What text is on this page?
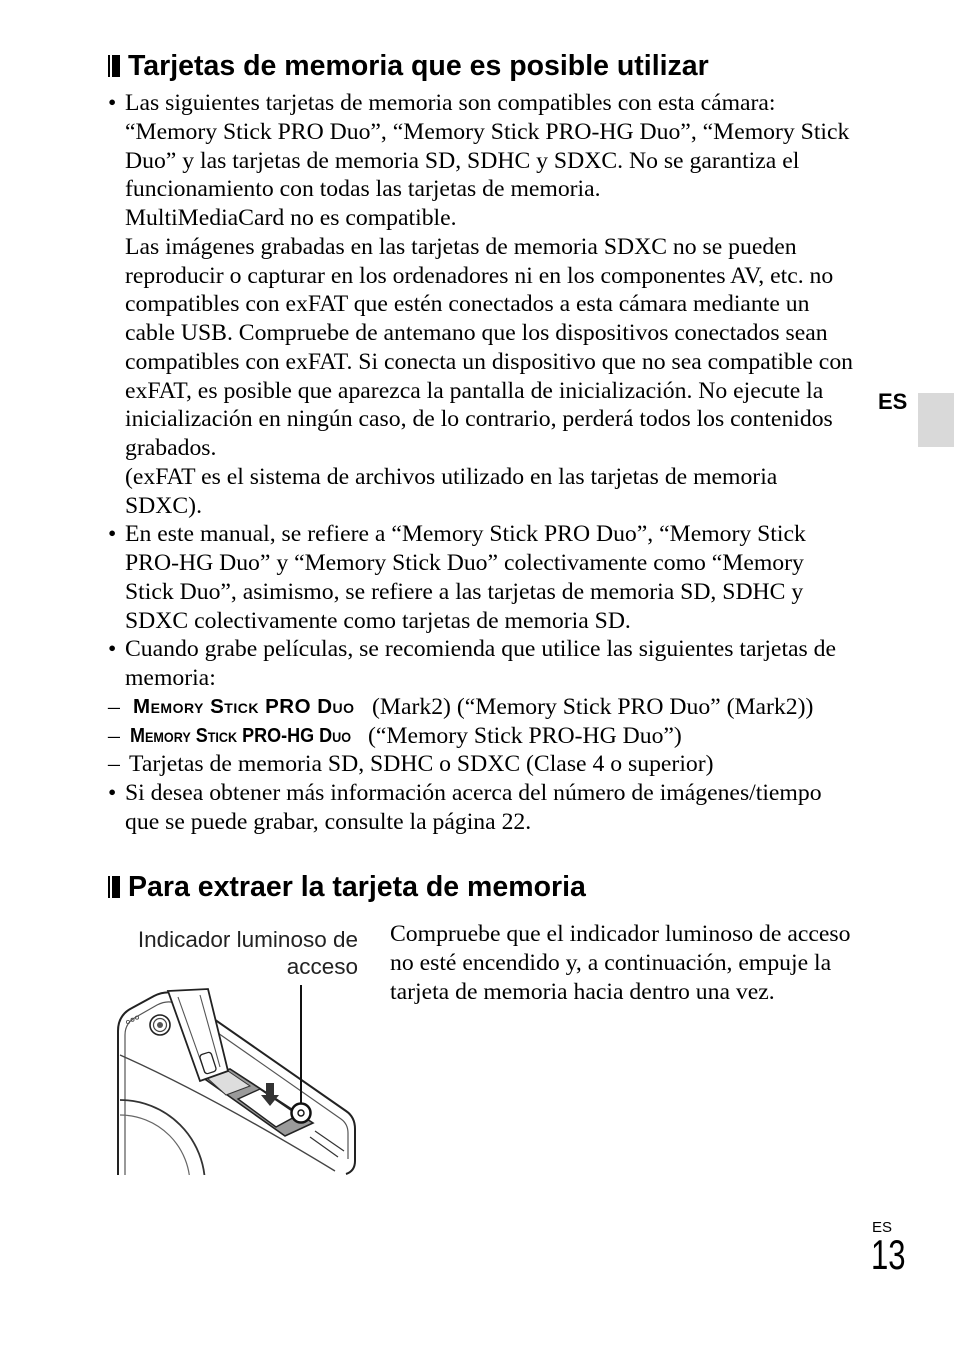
ES
Tarjetas de memoria que es posible utilizar
• Las siguientes tarjetas de memoria son compatibles con esta cámara:
“Memory Stick PRO Duo”, “Memory Stick PRO-HG Duo”, “Memory Stick
Duo” y las tarjetas de memoria SD, SDHC y SDXC. No se garantiza el
funcionamiento con todas las tarjetas de memoria.
MultiMediaCard no es compatible.
Las imágenes grabadas en las tarjetas de memoria SDXC no se pueden
reproducir o capturar en los ordenadores ni en los componentes AV, etc. no
compatibles con exFAT que estén conectados a esta cámara mediante un
cable USB. Compruebe de antemano que los dispositivos conectados sean
compatibles con exFAT. Si conecta un dispositivo que no sea compatible con
exFAT, es posible que aparezca la pantalla de inicialización. No ejecute la
inicialización en ningún caso, de lo contrario, perderá todos los contenidos
grabados.
(exFAT es el sistema de archivos utilizado en las tarjetas de memoria
SDXC).
• En este manual, se refiere a “Memory Stick PRO Duo”, “Memory Stick
PRO-HG Duo” y “Memory Stick Duo” colectivamente como “Memory
Stick Duo”, asimismo, se refiere a las tarjetas de memoria SD, SDHC y
SDXC colectivamente como tarjetas de memoria SD.
• Cuando grabe películas, se recomienda que utilice las siguientes tarjetas de
memoria:
– Memory Stick PRO Duo (Mark2) (“Memory Stick PRO Duo” (Mark2))
– Memory Stick PRO-HG Duo (“Memory Stick PRO-HG Duo”)
– Tarjetas de memoria SD, SDHC o SDXC (Clase 4 o superior)
• Si desea obtener más información acerca del número de imágenes/tiempo
que se puede grabar, consulte la página 22.
Para extraer la tarjeta de memoria
Indicador luminoso de
acceso
Compruebe que el indicador luminoso de acceso
no esté encendido y, a continuación, empuje la
tarjeta de memoria hacia dentro una vez.
ES
13
